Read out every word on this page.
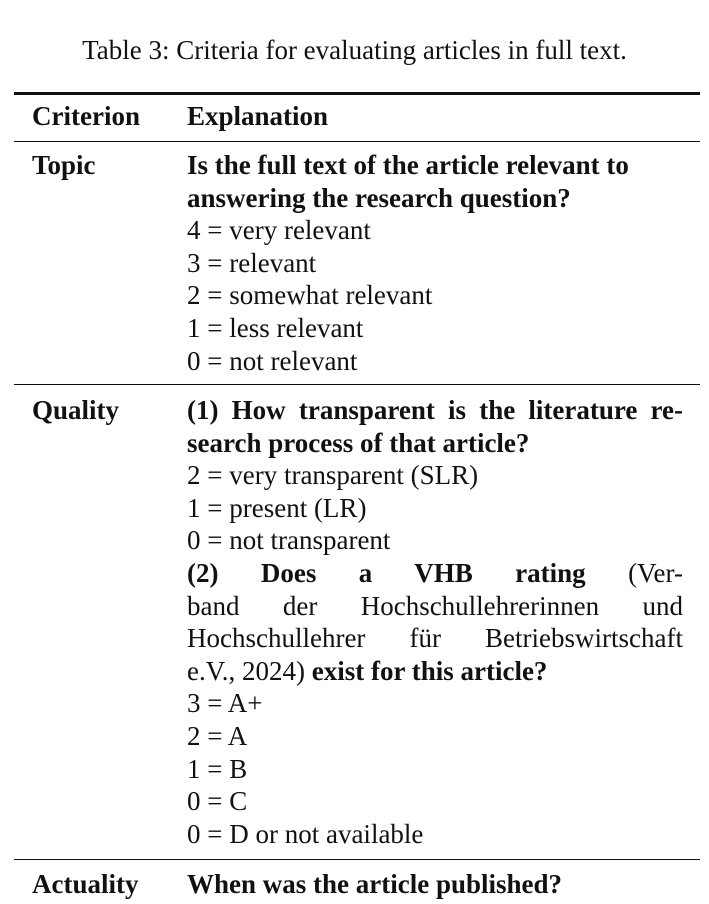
Table 3: Criteria for evaluating articles in full text.
Criterion	Explanation
Topic	Is the full text of the article relevant to
answering the research question?
4 = very relevant
3 = relevant
2 = somewhat relevant
1 = less relevant
0 = not relevant
Quality	(1) How transparent is the literature re-
search process of that article?
2 = very transparent (SLR)
1 = present (LR)
0 = not transparent
(2) Does a VHB rating (Ver-
band der Hochschullehrerinnen und
Hochschullehrer für Betriebswirtschaft
e.V., 2024) exist for this article?
3 = A+
2 = A
1 = B
0 = C
0 = D or not available
Actuality	When was the article published?
